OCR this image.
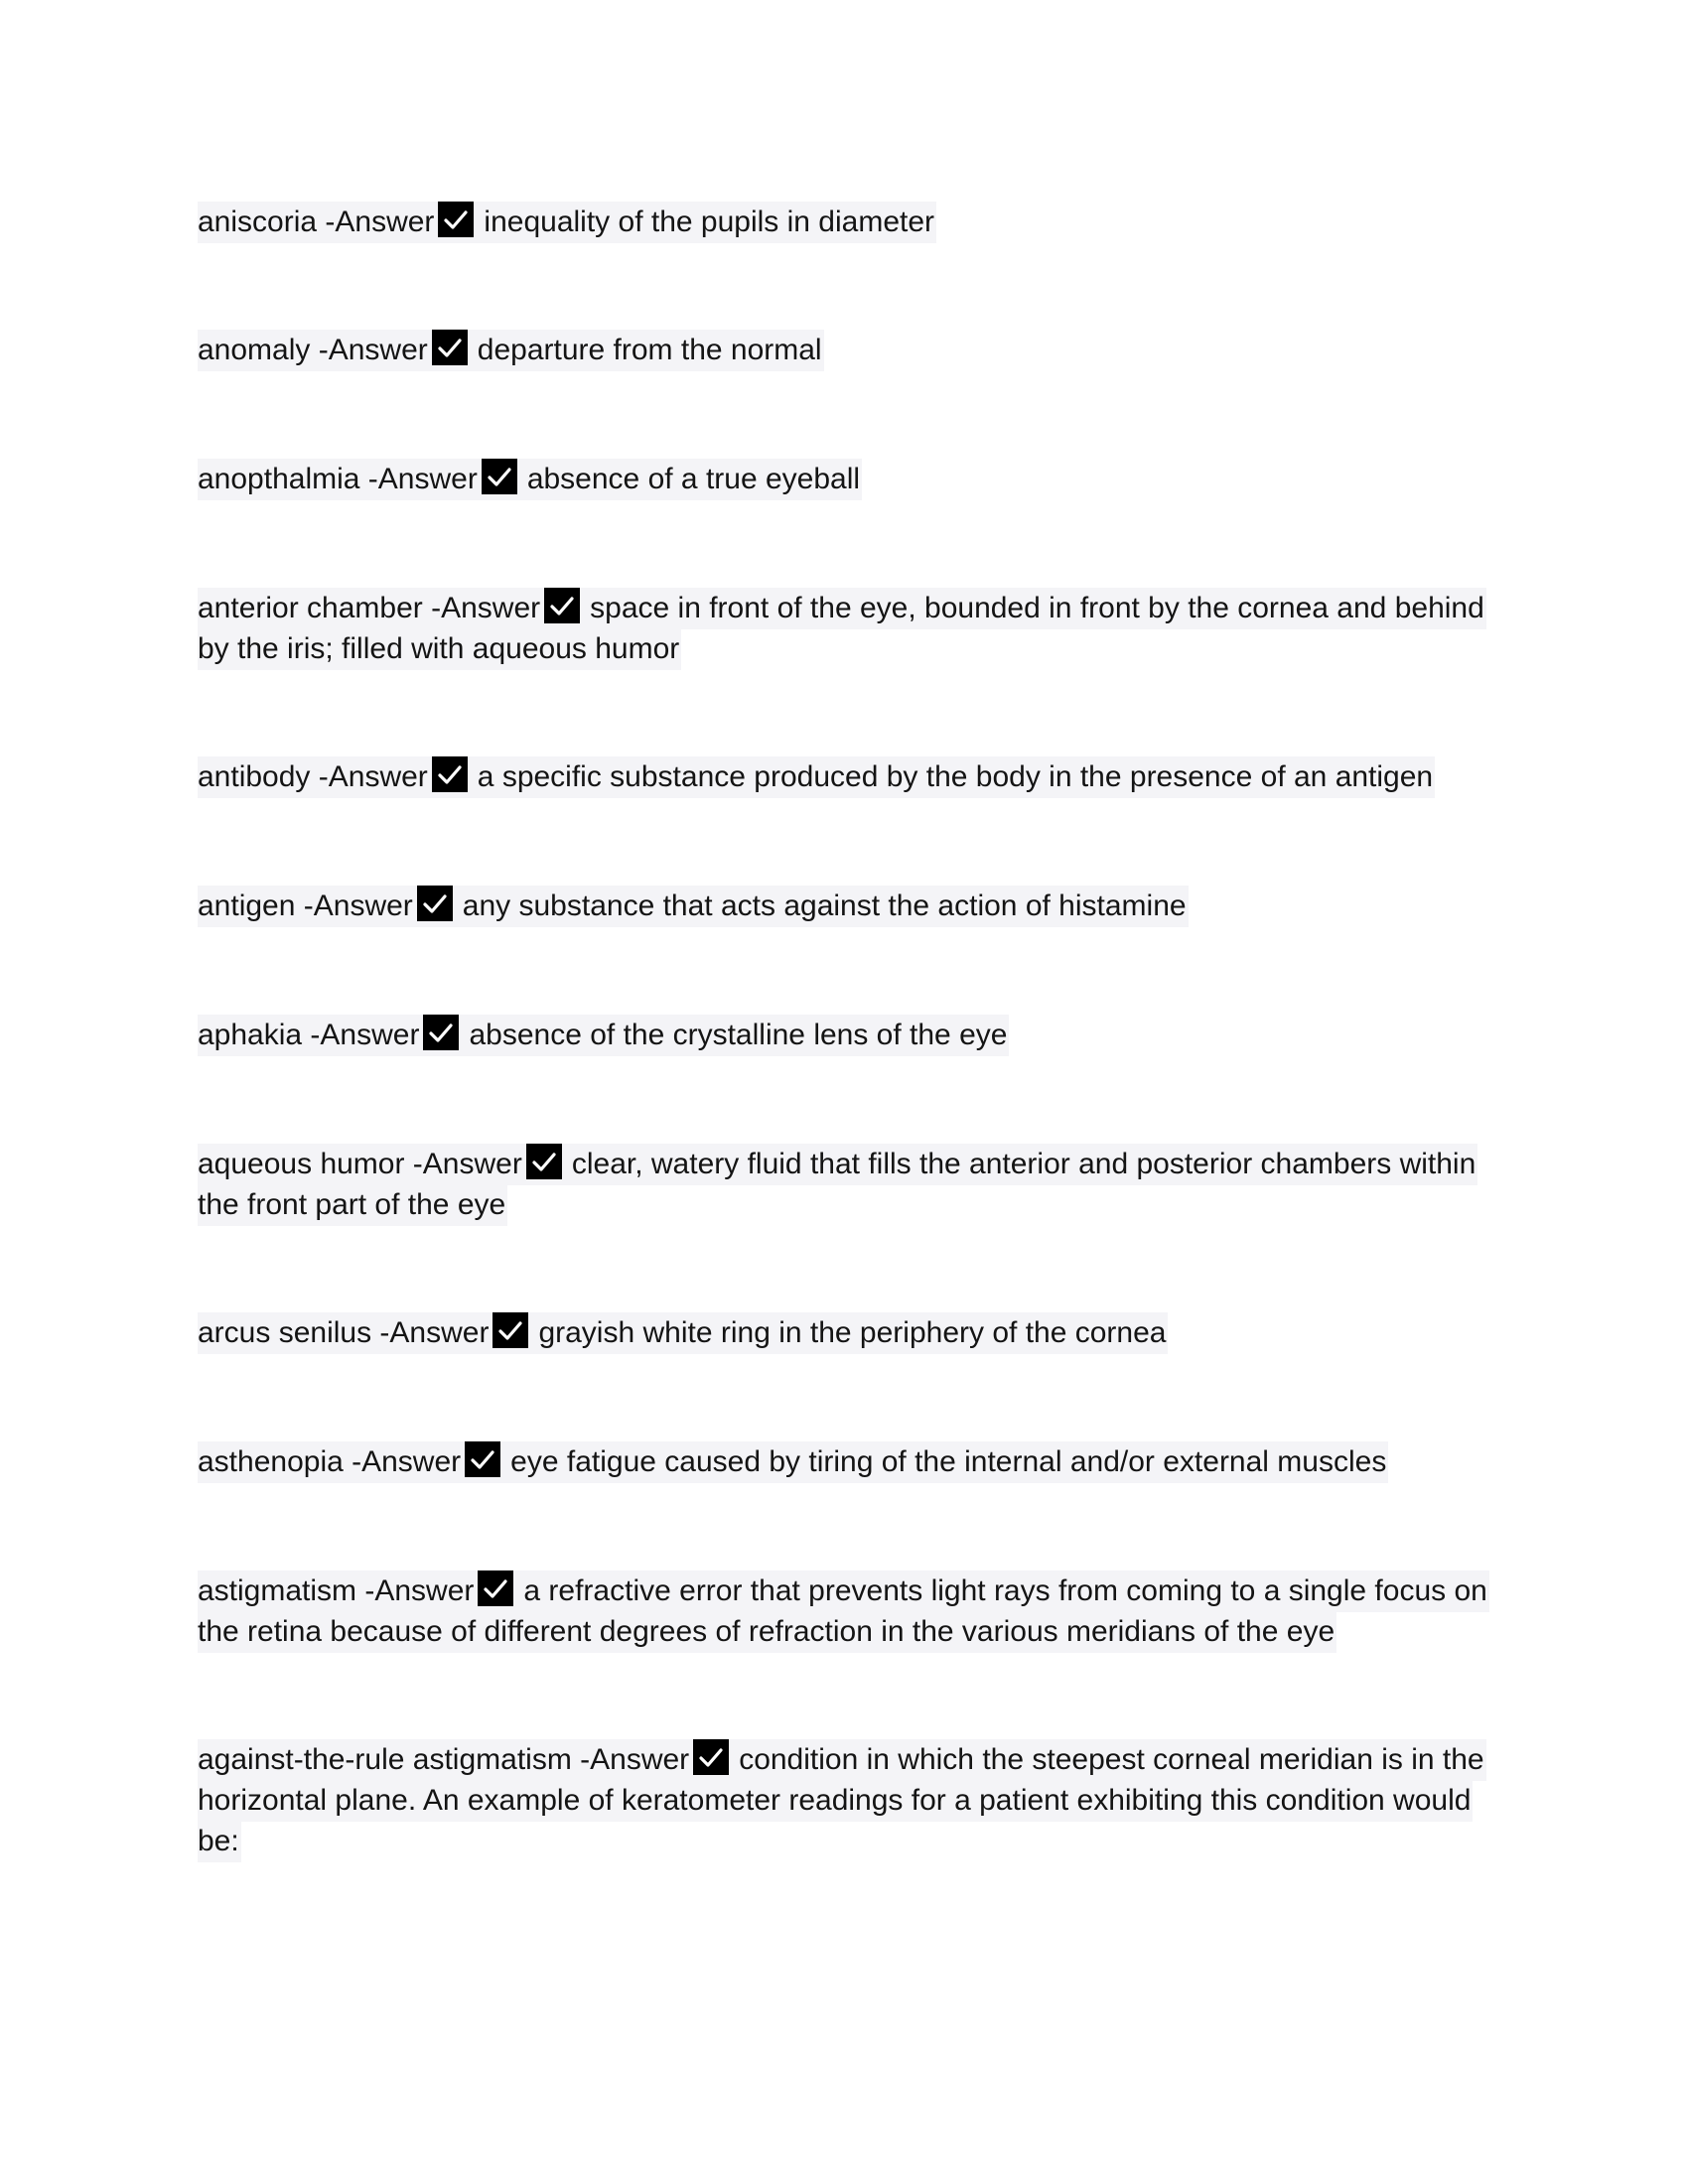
aniscoria -Answer inequality of the pupils in diameter

anomaly -Answer departure from the normal

anopthalmia -Answer absence of a true eyeball

anterior chamber -Answer space in front of the eye, bounded in front by the cornea and behind by the iris; filled with aqueous humor

antibody -Answer a specific substance produced by the body in the presence of an antigen

antigen -Answer any substance that acts against the action of histamine

aphakia -Answer absence of the crystalline lens of the eye

aqueous humor -Answer clear, watery fluid that fills the anterior and posterior chambers within the front part of the eye

arcus senilus -Answer grayish white ring in the periphery of the cornea

asthenopia -Answer eye fatigue caused by tiring of the internal and/or external muscles

astigmatism -Answer a refractive error that prevents light rays from coming to a single focus on the retina because of different degrees of refraction in the various meridians of the eye

against-the-rule astigmatism -Answer condition in which the steepest corneal meridian is in the horizontal plane. An example of keratometer readings for a patient exhibiting this condition would be:
